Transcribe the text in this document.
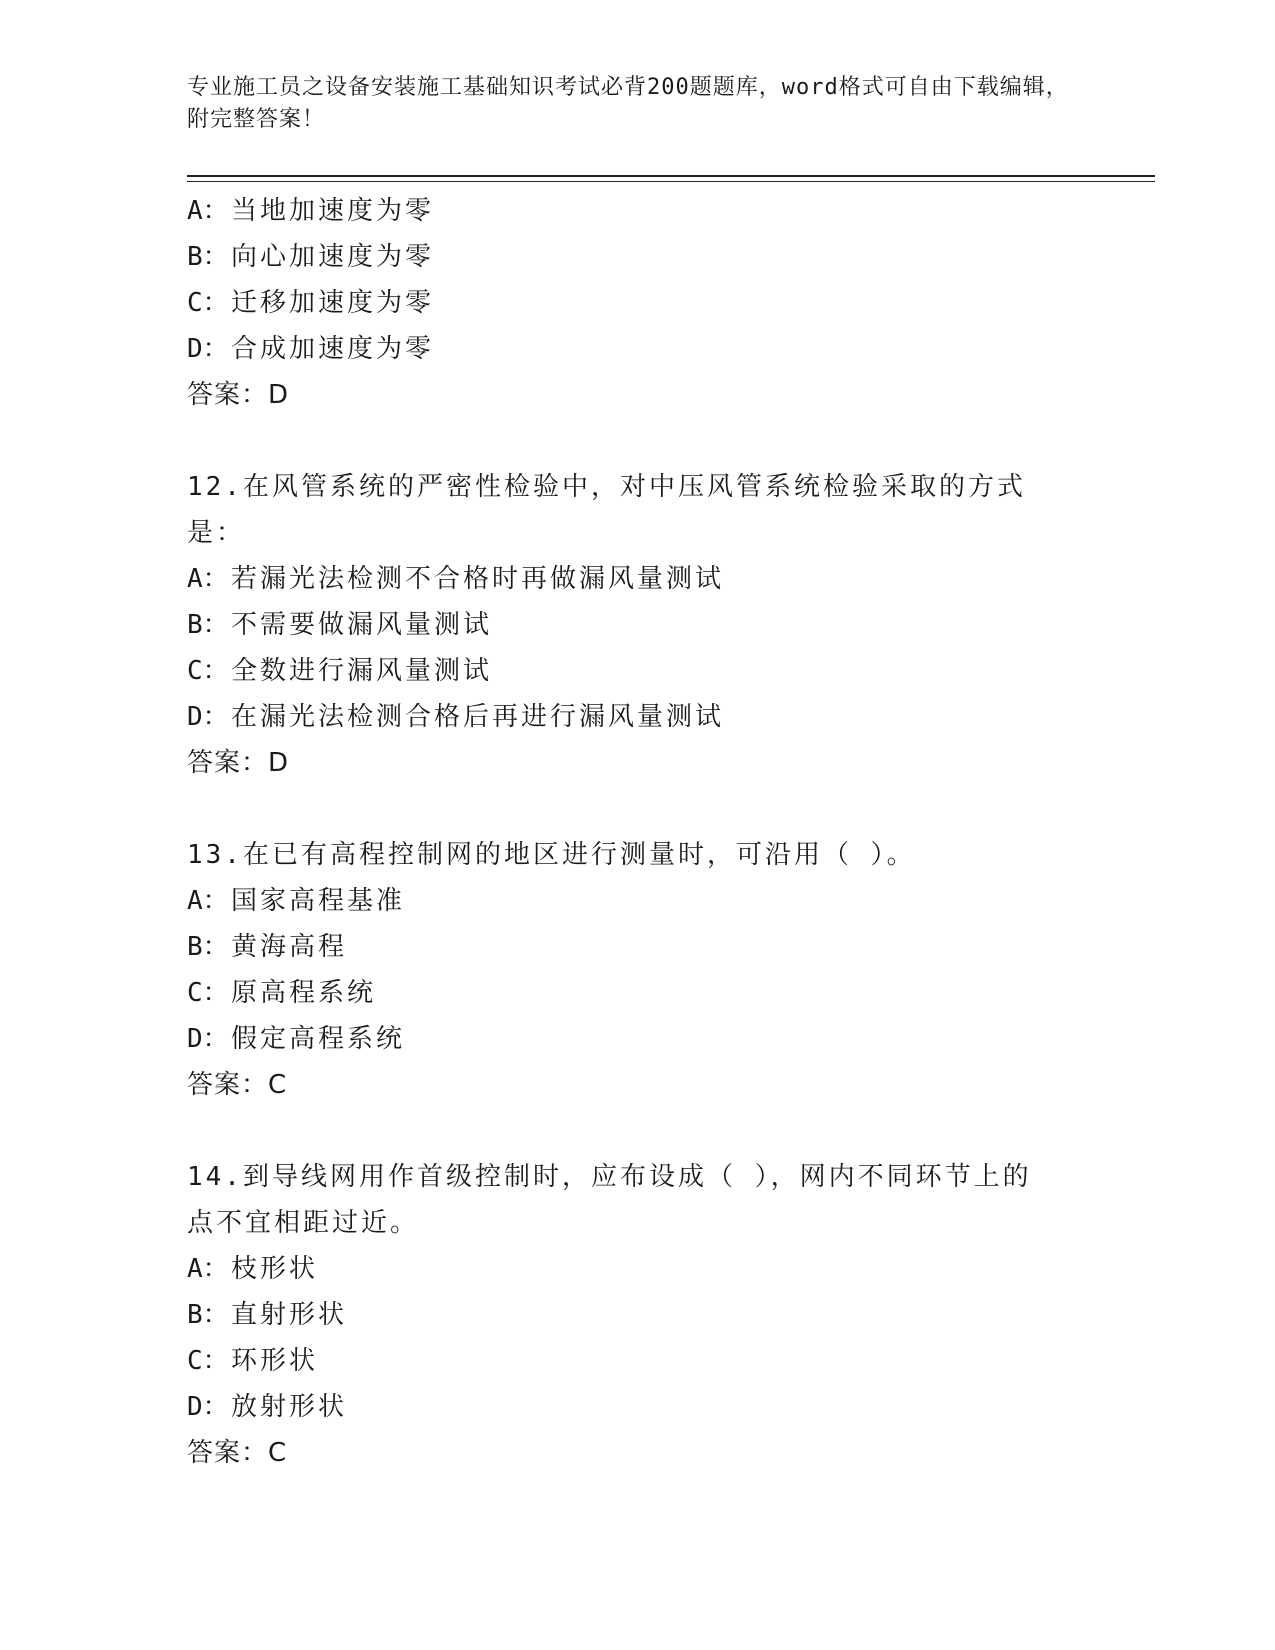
专业施工员之设备安装施工基础知识考试必背200题题库，word格式可自由下载编辑，附完整答案！
A：当地加速度为零
B：向心加速度为零
C：迁移加速度为零
D：合成加速度为零
答案：D
12.在风管系统的严密性检验中，对中压风管系统检验采取的方式是：
A：若漏光法检测不合格时再做漏风量测试
B：不需要做漏风量测试
C：全数进行漏风量测试
D：在漏光法检测合格后再进行漏风量测试
答案：D
13.在已有高程控制网的地区进行测量时，可沿用（ ）。
A：国家高程基准
B：黄海高程
C：原高程系统
D：假定高程系统
答案：C
14.到导线网用作首级控制时，应布设成（ ），网内不同环节上的点不宜相距过近。
A：枝形状
B：直射形状
C：环形状
D：放射形状
答案：C
